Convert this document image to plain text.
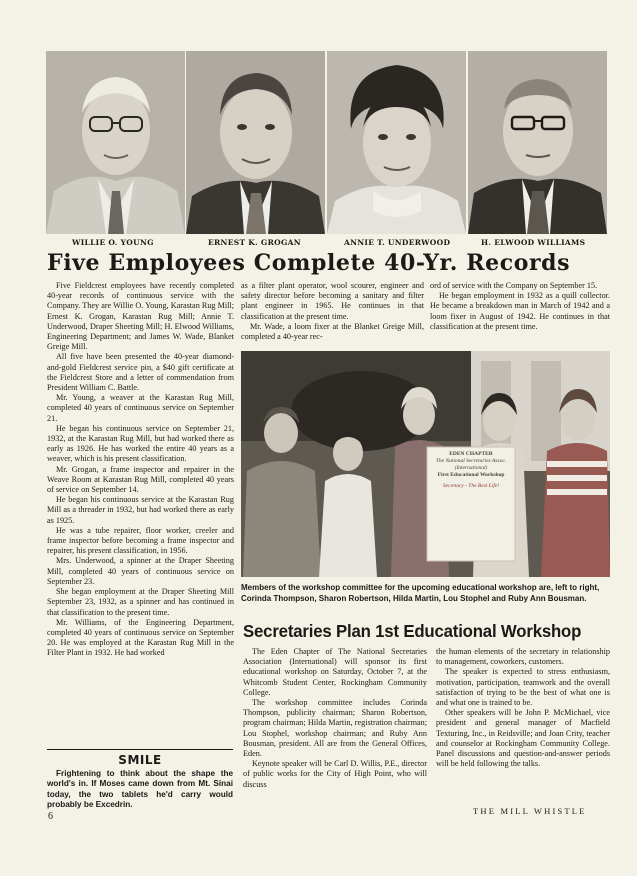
WILLIE O. YOUNG	ERNEST K. GROGAN	ANNIE T. UNDERWOOD	H. ELWOOD WILLIAMS
Five Employees Complete 40-Yr. Records

Five Fieldcrest employees have recently completed 40-year records of continuous service with the Company. They are Willie O. Young, Karastan Rug Mill; Ernest K. Grogan, Karastan Rug Mill; Annie T. Underwood, Draper Sheeting Mill; H. Elwood Williams, Engineering Department; and James W. Wade, Blanket Greige Mill.

All five have been presented the 40-year diamond-and-gold Fieldcrest service pin, a $40 gift certificate at the Fieldcrest Store and a letter of commendation from President William C. Battle.

Mr. Young, a weaver at the Karastan Rug Mill, completed 40 years of continuous service on September 21.

He began his continuous service on September 21, 1932, at the Karastan Rug Mill, but had worked there as early as 1926. He has worked the entire 40 years as a weaver, which is his present classification.

Mr. Grogan, a frame inspector and repairer in the Weave Room at Karastan Rug Mill, completed 40 years of service on September 14.

He began his continuous service at the Karastan Rug Mill as a threader in 1932, but had worked there as early as 1925.

He was a tube repairer, floor worker, creeler and frame inspector before becoming a frame inspector and repairer, his present classification, in 1956.

Mrs. Underwood, a spinner at the Draper Sheeting Mill, completed 40 years of continuous service on September 23.

She began employment at the Draper Sheeting Mill September 23, 1932, as a spinner and has continued in that classification to the present time.

Mr. Williams, of the Engineering Department, completed 40 years of continuous service on September 20. He was employed at the Karastan Rug Mill in the Filter Plant in 1932. He had worked

as a filter plant operator, wool scourer, engineer and safety director before becoming a sanitary and filter plant engineer in 1965. He continues in that classification at the present time.

Mr. Wade, a loom fixer at the Blanket Greige Mill, completed a 40-year rec-

ord of service with the Company on September 15.

He began employment in 1932 as a quill collector. He became a breakdown man in March of 1942 and a loom fixer in August of 1942. He continues in that classification at the present time.

SMILE

Frightening to think about the shape the world's in. If Moses came down from Mt. Sinai today, the two tablets he'd carry would probably be Excedrin.

EDEN CHAPTER
The National Secretaries Assoc.
(International)
First Educational Workshop
Secretary - The Best Life!
Members of the workshop committee for the upcoming educational workshop are, left to right, Corinda Thompson, Sharon Robertson, Hilda Martin, Lou Stophel and Ruby Ann Bousman.
Secretaries Plan 1st Educational Workshop

The Eden Chapter of The National Secretaries Association (International) will sponsor its first educational workshop on Saturday, October 7, at the Whitcomb Student Center, Rockingham Community College.

The workshop committee includes Corinda Thompson, publicity chairman; Sharon Robertson, program chairman; Hilda Martin, registration chairman; Lou Stophel, workshop chairman; and Ruby Ann Bousman, president. All are from the General Offices, Eden.

Keynote speaker will be Carl D. Willis, P.E., director of public works for the City of High Point, who will discuss

the human elements of the secretary in relationship to management, coworkers, customers.

The speaker is expected to stress enthusiasm, motivation, participation, teamwork and the overall satisfaction of trying to be the best of what one is and what one is trained to be.

Other speakers will be John P. McMichael, vice president and general manager of Macfield Texturing, Inc., in Reidsville; and Joan Crity, teacher and counselor at Rockingham Community College. Panel discussions and question-and-answer periods will be held following the talks.

6	THE MILL WHISTLE
